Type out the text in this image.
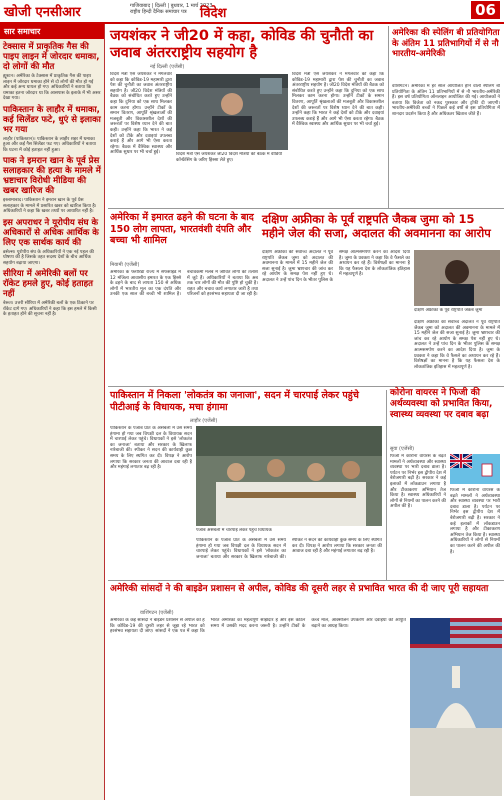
खोजी एनसीआर	गाजियाबाद | दिल्ली | बुधवार, 1 मार्च 2023
राष्ट्रीय हिन्दी दैनिक समाचार पत्र	विदेश	06
सार समाचार
टेक्सास में प्राकृतिक गैस की पाइप लाइन में जोरदार धमाका, दो लोगों की मौत
ह्यूस्टन। अमेरिका के टेक्सास में प्राकृतिक गैस की पाइप लाइन में जोरदार धमाका होने से दो लोगों की मौत हो गई और कई अन्य घायल हो गए। अधिकारियों ने बताया कि धमाका इतना जोरदार था कि आसपास के इलाके में भी असर देखा गया।
पाकिस्तान के लाहौर में धमाका, कई सिलेंडर फटे, धुएं से इलाका भर गया
लाहौर (पाकिस्तान)। पाकिस्तान के लाहौर शहर में धमाका हुआ और कई गैस सिलेंडर फट गए। अधिकारियों ने बताया कि घटना में कोई हताहत नहीं हुआ।
पाक ने इमरान खान के पूर्व प्रेस सलाहकार की हत्या के मामले में भ्रष्टाचार विरोधी मीडिया की खबर खारिज की
इस्लामाबाद। पाकिस्तान ने इमरान खान के पूर्व प्रेस सलाहकार के मामले में प्रसारित खबर को खारिज किया है। अधिकारियों ने कहा कि खबर तथ्यों पर आधारित नहीं है।
इस अपराधर ने यूरोपीय संघ के अधिकारों से अधिक आर्थिक के लिए एक सार्थक कार्य की
ब्रसेल्स। यूरोपीय संघ के अधिकारियों ने एक नई पहल की घोषणा की है जिसके तहत सदस्य देशों के बीच आर्थिक सहयोग बढ़ाया जाएगा।
सीरिया में अमेरिकी बलों पर रॉकेट हमले हुए, कोई हताहत नहीं
बेरूत। उत्तरी सीरिया में अमेरिकी बलों के एक ठिकाने पर रॉकेट दागे गए। अधिकारियों ने कहा कि इस हमले में किसी के हताहत होने की सूचना नहीं है।
जयशंकर ने जी20 में कहा, कोविड की चुनौती का जवाब अंतरराष्ट्रीय सहयोग है
नई दिल्ली (एजेंसी)
विदेश मंत्री एस जयशंकर ने मंगलवार को कहा कि कोविड-19 महामारी द्वारा पेश की चुनौती का जवाब अंतरराष्ट्रीय सहयोग है। जी20 विदेश मंत्रियों की बैठक को संबोधित करते हुए उन्होंने कहा कि दुनिया को एक साथ मिलकर काम करना होगा। उन्होंने टीकों के समान वितरण, आपूर्ति श्रृंखलाओं की मजबूती और विकासशील देशों की जरूरतों पर विशेष ध्यान देने की बात कही। उन्होंने कहा कि भारत ने कई देशों को टीके और दवाइयां उपलब्ध कराई हैं और आगे भी ऐसा करता रहेगा। बैठक में वैश्विक स्वास्थ्य और आर्थिक सुधार पर भी चर्चा हुई।	विदेश मंत्री एस जयशंकर जी20 विदेश मंत्रियों की बैठक में वीडियो कॉन्फ्रेंसिंग के जरिए हिस्सा लेते हुए।
विदेश मंत्री एस जयशंकर ने मंगलवार को कहा कि कोविड-19 महामारी द्वारा पेश की चुनौती का जवाब अंतरराष्ट्रीय सहयोग है। जी20 विदेश मंत्रियों की बैठक को संबोधित करते हुए उन्होंने कहा कि दुनिया को एक साथ मिलकर काम करना होगा। उन्होंने टीकों के समान वितरण, आपूर्ति श्रृंखलाओं की मजबूती और विकासशील देशों की जरूरतों पर विशेष ध्यान देने की बात कही। उन्होंने कहा कि भारत ने कई देशों को टीके और दवाइयां उपलब्ध कराई हैं और आगे भी ऐसा करता रहेगा। बैठक में वैश्विक स्वास्थ्य और आर्थिक सुधार पर भी चर्चा हुई।
अमेरिका की स्पेलिंग बी प्रतियोगिता के अंतिम 11 प्रतिभागियों में से नौ भारतीय-अमेरिकी
वाशिंगटन। अमेरिका में हर साल आयोजित होने वाली स्पेलिंग बी प्रतियोगिता के अंतिम 11 प्रतिभागियों में से नौ भारतीय-अमेरिकी हैं। इस वर्ष प्रतियोगिता ऑनलाइन आयोजित की गई। आयोजकों ने बताया कि विजेता को नकद पुरस्कार और ट्रॉफी दी जाएगी। भारतीय-अमेरिकी बच्चों ने पिछले कई वर्षों से इस प्रतियोगिता में शानदार प्रदर्शन किया है और अधिकतर खिताब जीते हैं।
अमेरिका में इमारत ढहने की घटना के बाद 150 लोग लापता, भारतवंशी दंपति और बच्चा भी शामिल
मियामी (एजेंसी)
अमेरिका के फ्लोरिडा राज्य में सर्फसाइड में 12 मंजिला आवासीय इमारत के एक हिस्से के ढहने के बाद से लापता 150 से अधिक लोगों में भारतीय मूल का एक दंपति और उनकी एक साल की बच्ची भी शामिल है। बचावकर्मी मलबे में जीवित लोगों की तलाश में जुटे हैं। अधिकारियों ने बताया कि अब तक चार लोगों की मौत की पुष्टि हो चुकी है। राहत और बचाव कार्य लगातार जारी है तथा परिजनों को हरसंभव सहायता दी जा रही है।
दक्षिण अफ्रीका के पूर्व राष्ट्रपति जैकब जुमा को 15 महीने जेल की सजा, अदालत की अवमानना का आरोप
दक्षिण अफ्रीका की सर्वोच्च अदालत ने पूर्व राष्ट्रपति जैकब जुमा को अदालत की अवमानना के मामले में 15 महीने जेल की सजा सुनाई है। जुमा भ्रष्टाचार की जांच कर रहे आयोग के समक्ष पेश नहीं हुए थे। अदालत ने उन्हें पांच दिन के भीतर पुलिस के समक्ष आत्मसमर्पण करने का आदेश दिया है। जुमा के प्रवक्ता ने कहा कि वे फैसले का अध्ययन कर रहे हैं। विशेषज्ञों का मानना है कि यह फैसला देश के लोकतांत्रिक इतिहास में महत्वपूर्ण है।
दक्षिण अफ्रीका के पूर्व राष्ट्रपति जैकब जुमा
दक्षिण अफ्रीका की सर्वोच्च अदालत ने पूर्व राष्ट्रपति जैकब जुमा को अदालत की अवमानना के मामले में 15 महीने जेल की सजा सुनाई है। जुमा भ्रष्टाचार की जांच कर रहे आयोग के समक्ष पेश नहीं हुए थे। अदालत ने उन्हें पांच दिन के भीतर पुलिस के समक्ष आत्मसमर्पण करने का आदेश दिया है। जुमा के प्रवक्ता ने कहा कि वे फैसले का अध्ययन कर रहे हैं। विशेषज्ञों का मानना है कि यह फैसला देश के लोकतांत्रिक इतिहास में महत्वपूर्ण है।
पाकिस्तान में निकला 'लोकतंत्र का जनाजा', सदन में चारपाई लेकर पहुंचे पीटीआई के विधायक, मचा हंगामा
लाहौर (एजेंसी)
पाकिस्तान के पंजाब प्रांत के असेंबली में उस समय हंगामा हो गया जब विपक्षी दल के विधायक सदन में चारपाई लेकर पहुंचे। विधायकों ने इसे 'लोकतंत्र का जनाजा' बताया और सरकार के खिलाफ नारेबाजी की। स्पीकर ने सदन की कार्यवाही कुछ समय के लिए स्थगित कर दी। विपक्ष ने आरोप लगाया कि सरकार जनता की आवाज दबा रही है और महंगाई लगातार बढ़ रही है।
पंजाब असेंबली में चारपाई लेकर पहुंचे विधायक
पाकिस्तान के पंजाब प्रांत के असेंबली में उस समय हंगामा हो गया जब विपक्षी दल के विधायक सदन में चारपाई लेकर पहुंचे। विधायकों ने इसे 'लोकतंत्र का जनाजा' बताया और सरकार के खिलाफ नारेबाजी की। स्पीकर ने सदन की कार्यवाही कुछ समय के लिए स्थगित कर दी। विपक्ष ने आरोप लगाया कि सरकार जनता की आवाज दबा रही है और महंगाई लगातार बढ़ रही है।
कोरोना वायरस ने फिजी की अर्थव्यवस्था को प्रभावित किया, स्वास्थ्य व्यवस्था पर दबाव बढ़ा
सुवा (एजेंसी)
फिजी में कोरोना वायरस के बढ़ते मामलों ने अर्थव्यवस्था और स्वास्थ्य व्यवस्था पर भारी दबाव डाला है। पर्यटन पर निर्भर इस द्वीपीय देश में बेरोजगारी बढ़ी है। सरकार ने कई इलाकों में लॉकडाउन लगाया है और टीकाकरण अभियान तेज किया है। स्वास्थ्य अधिकारियों ने लोगों से नियमों का पालन करने की अपील की है।
फिजी में कोरोना वायरस के बढ़ते मामलों ने अर्थव्यवस्था और स्वास्थ्य व्यवस्था पर भारी दबाव डाला है। पर्यटन पर निर्भर इस द्वीपीय देश में बेरोजगारी बढ़ी है। सरकार ने कई इलाकों में लॉकडाउन लगाया है और टीकाकरण अभियान तेज किया है। स्वास्थ्य अधिकारियों ने लोगों से नियमों का पालन करने की अपील की है।
अमेरिकी सांसदों ने की बाइडेन प्रशासन से अपील, कोविड की दूसरी लहर से प्रभावित भारत की दी जाए पूरी सहायता
वाशिंगटन (एजेंसी)
अमेरिका के कई सांसदों ने बाइडेन प्रशासन से अपील की है कि कोविड-19 की दूसरी लहर से जूझ रहे भारत को हरसंभव सहायता दी जाए। सांसदों ने एक पत्र में कहा कि भारत अमेरिका का महत्वपूर्ण साझेदार है और इस कठिन समय में उसकी मदद करना जरूरी है। उन्होंने टीकों के कच्चे माल, ऑक्सीजन उपकरण और दवाइयों की आपूर्ति बढ़ाने का आग्रह किया।
